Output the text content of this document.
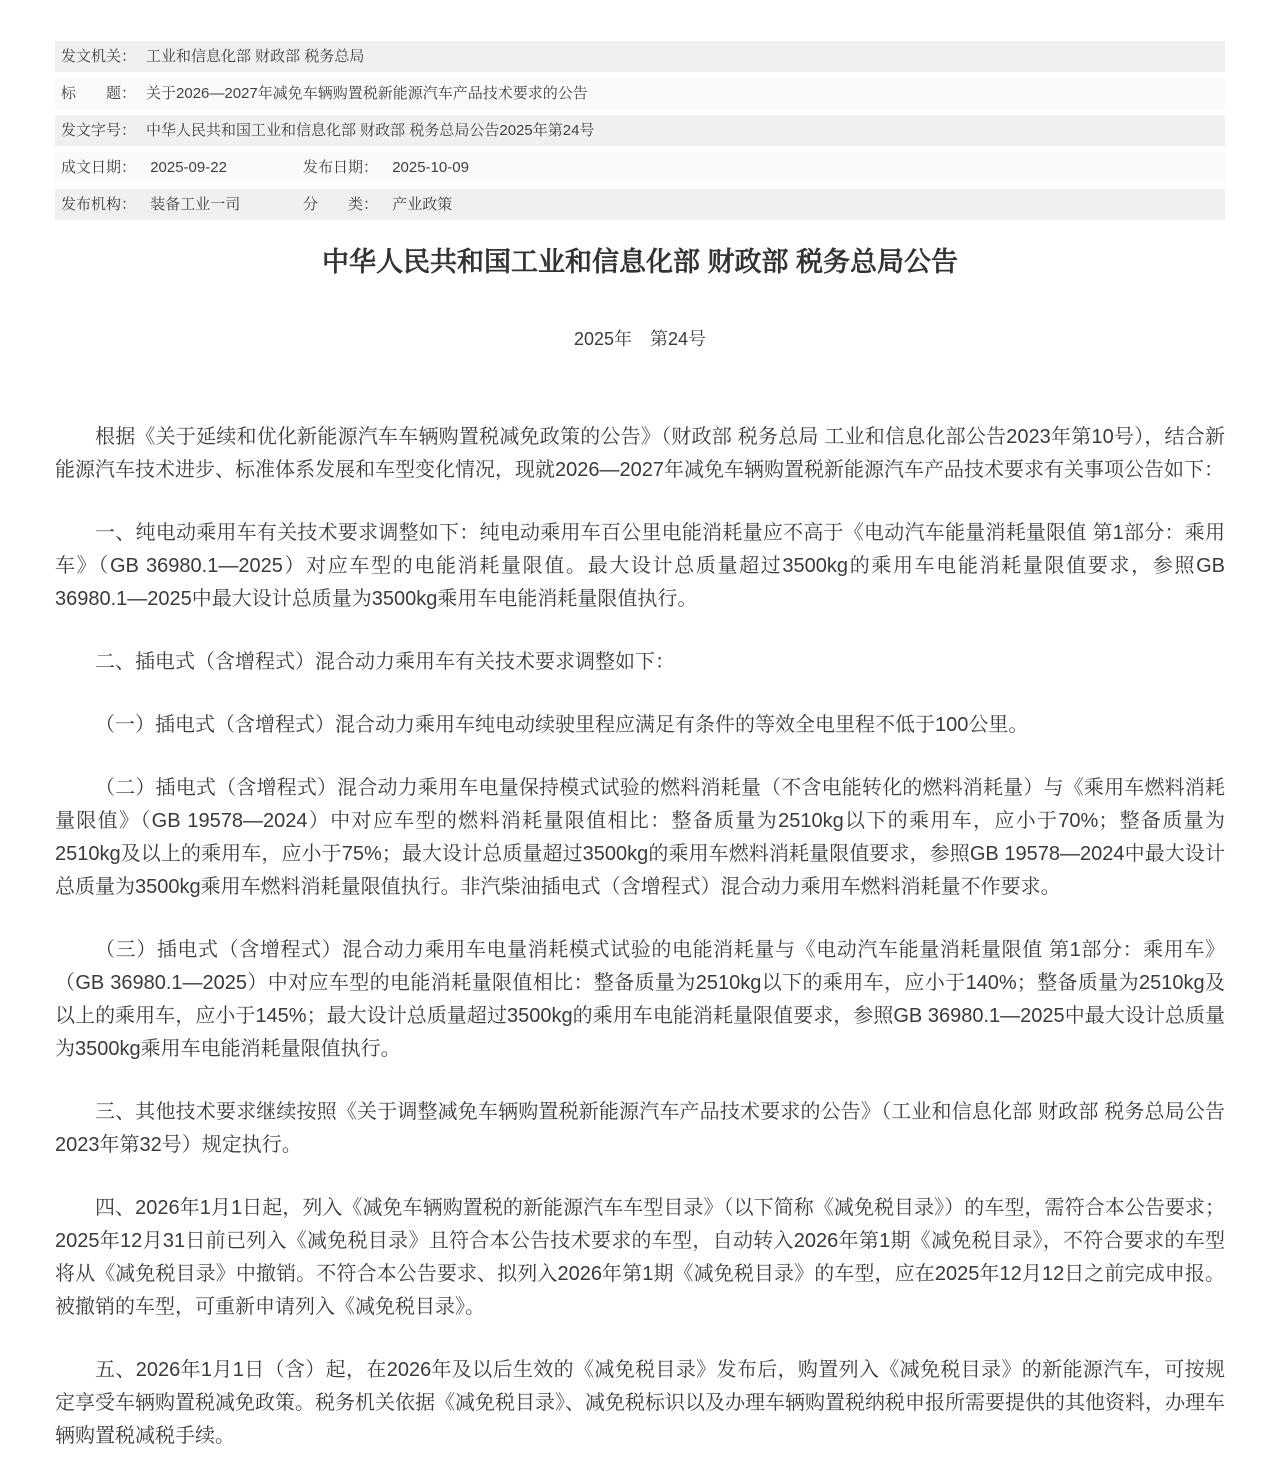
发文机关： 工业和信息化部 财政部 税务总局
标　　题： 关于2026—2027年减免车辆购置税新能源汽车产品技术要求的公告
发文字号： 中华人民共和国工业和信息化部 财政部 税务总局公告2025年第24号
成文日期： 2025-09-22	发布日期： 2025-10-09
发布机构： 装备工业一司	分　　类： 产业政策
中华人民共和国工业和信息化部 财政部 税务总局公告
2025年　第24号

根据《关于延续和优化新能源汽车车辆购置税减免政策的公告》（财政部 税务总局 工业和信息化部公告2023年第10号），结合新能源汽车技术进步、标准体系发展和车型变化情况，现就2026—2027年减免车辆购置税新能源汽车产品技术要求有关事项公告如下：

一、纯电动乘用车有关技术要求调整如下：纯电动乘用车百公里电能消耗量应不高于《电动汽车能量消耗量限值 第1部分：乘用车》（GB 36980.1—2025）对应车型的电能消耗量限值。最大设计总质量超过3500kg的乘用车电能消耗量限值要求，参照GB 36980.1—2025中最大设计总质量为3500kg乘用车电能消耗量限值执行。

二、插电式（含增程式）混合动力乘用车有关技术要求调整如下：

（一）插电式（含增程式）混合动力乘用车纯电动续驶里程应满足有条件的等效全电里程不低于100公里。

（二）插电式（含增程式）混合动力乘用车电量保持模式试验的燃料消耗量（不含电能转化的燃料消耗量）与《乘用车燃料消耗量限值》（GB 19578—2024）中对应车型的燃料消耗量限值相比：整备质量为2510kg以下的乘用车，应小于70%；整备质量为2510kg及以上的乘用车，应小于75%；最大设计总质量超过3500kg的乘用车燃料消耗量限值要求，参照GB 19578—2024中最大设计总质量为3500kg乘用车燃料消耗量限值执行。非汽柴油插电式（含增程式）混合动力乘用车燃料消耗量不作要求。

（三）插电式（含增程式）混合动力乘用车电量消耗模式试验的电能消耗量与《电动汽车能量消耗量限值 第1部分：乘用车》（GB 36980.1—2025）中对应车型的电能消耗量限值相比：整备质量为2510kg以下的乘用车，应小于140%；整备质量为2510kg及以上的乘用车，应小于145%；最大设计总质量超过3500kg的乘用车电能消耗量限值要求，参照GB 36980.1—2025中最大设计总质量为3500kg乘用车电能消耗量限值执行。

三、其他技术要求继续按照《关于调整减免车辆购置税新能源汽车产品技术要求的公告》（工业和信息化部 财政部 税务总局公告2023年第32号）规定执行。

四、2026年1月1日起，列入《减免车辆购置税的新能源汽车车型目录》（以下简称《减免税目录》）的车型，需符合本公告要求；2025年12月31日前已列入《减免税目录》且符合本公告技术要求的车型，自动转入2026年第1期《减免税目录》，不符合要求的车型将从《减免税目录》中撤销。不符合本公告要求、拟列入2026年第1期《减免税目录》的车型，应在2025年12月12日之前完成申报。被撤销的车型，可重新申请列入《减免税目录》。

五、2026年1月1日（含）起，在2026年及以后生效的《减免税目录》发布后，购置列入《减免税目录》的新能源汽车，可按规定享受车辆购置税减免政策。税务机关依据《减免税目录》、减免税标识以及办理车辆购置税纳税申报所需要提供的其他资料，办理车辆购置税减税手续。
